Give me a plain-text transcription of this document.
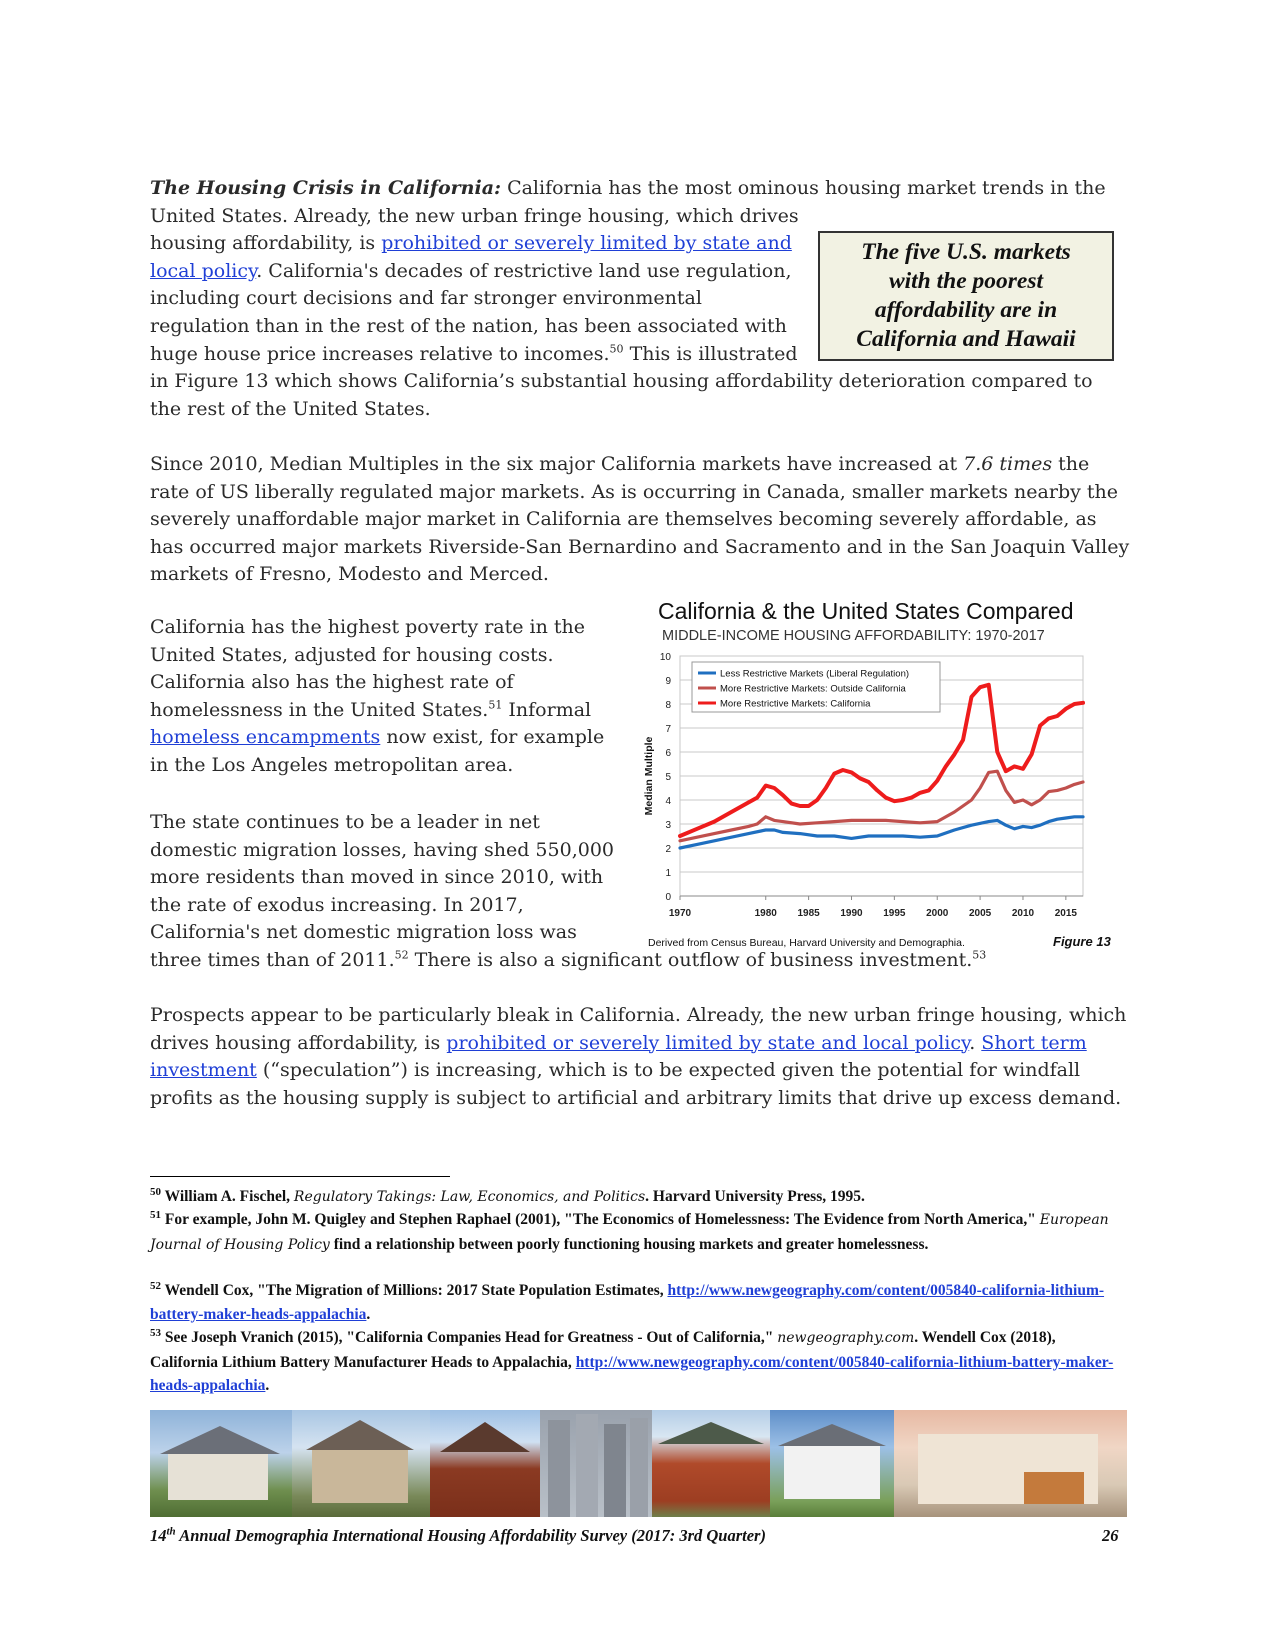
The Housing Crisis in California: California has the most ominous housing market trends in the

United States. Already, the new urban fringe housing, which drives

housing affordability, is prohibited or severely limited by state and

local policy. California's decades of restrictive land use regulation,

including court decisions and far stronger environmental

regulation than in the rest of the nation, has been associated with

huge house price increases relative to incomes.$^{50}$ This is illustrated

in Figure 13 which shows California’s substantial housing affordability deterioration compared to

the rest of the United States.

The five U.S. markets
with the poorest
affordability are in
California and Hawaii

Since 2010, Median Multiples in the six major California markets have increased at 7.6 times the rate of US liberally regulated major markets. As is occurring in Canada, smaller markets nearby the severely unaffordable major market in California are themselves becoming severely affordable, as has occurred major markets Riverside-San Bernardino and Sacramento and in the San Joaquin Valley markets of Fresno, Modesto and Merced.

California has the highest poverty rate in the

United States, adjusted for housing costs.

California also has the highest rate of

homelessness in the United States.$^{51}$ Informal

homeless encampments now exist, for example

in the Los Angeles metropolitan area.

The state continues to be a leader in net

domestic migration losses, having shed 550,000

more residents than moved in since 2010, with

the rate of exodus increasing. In 2017,

California's net domestic migration loss was

three times than of 2011.52 There is also a significant outflow of business investment.$^{53}$

California & the United States Compared
MIDDLE-INCOME HOUSING AFFORDABILITY: 1970-2017
0
1
2
3
4
5
6
7
8
9
10
1970	1980 1985 1990 1995 2000 2005 2010 2015
Median Multiple
Less Restrictive Markets (Liberal Regulation)
More Restrictive Markets: Outside California
More Restrictive Markets: California
Derived from Census Bureau, Harvard University and Demographia.	Figure 13

Prospects appear to be particularly bleak in California. Already, the new urban fringe housing, which drives housing affordability, is prohibited or severely limited by state and local policy. Short term investment (“speculation”) is increasing, which is to be expected given the potential for windfall profits as the housing supply is subject to artificial and arbitrary limits that drive up excess demand.

$^{50}$ William A. Fischel, Regulatory Takings: Law, Economics, and Politics. Harvard University Press, 1995.
$^{51}$ For example, John M. Quigley and Stephen Raphael (2001), "The Economics of Homelessness: The Evidence from North America," European Journal of Housing Policy find a relationship between poorly functioning housing markets and greater homelessness.
$^{52}$ Wendell Cox, "The Migration of Millions: 2017 State Population Estimates, http://www.newgeography.com/content/005840-california-lithium-battery-maker-heads-appalachia.
$^{53}$ See Joseph Vranich (2015), "California Companies Head for Greatness - Out of California," newgeography.com. Wendell Cox (2018), California Lithium Battery Manufacturer Heads to Appalachia, http://www.newgeography.com/content/005840-california-lithium-battery-maker-heads-appalachia.
14th Annual Demographia International Housing Affordability Survey (2017: 3rd Quarter)	26
